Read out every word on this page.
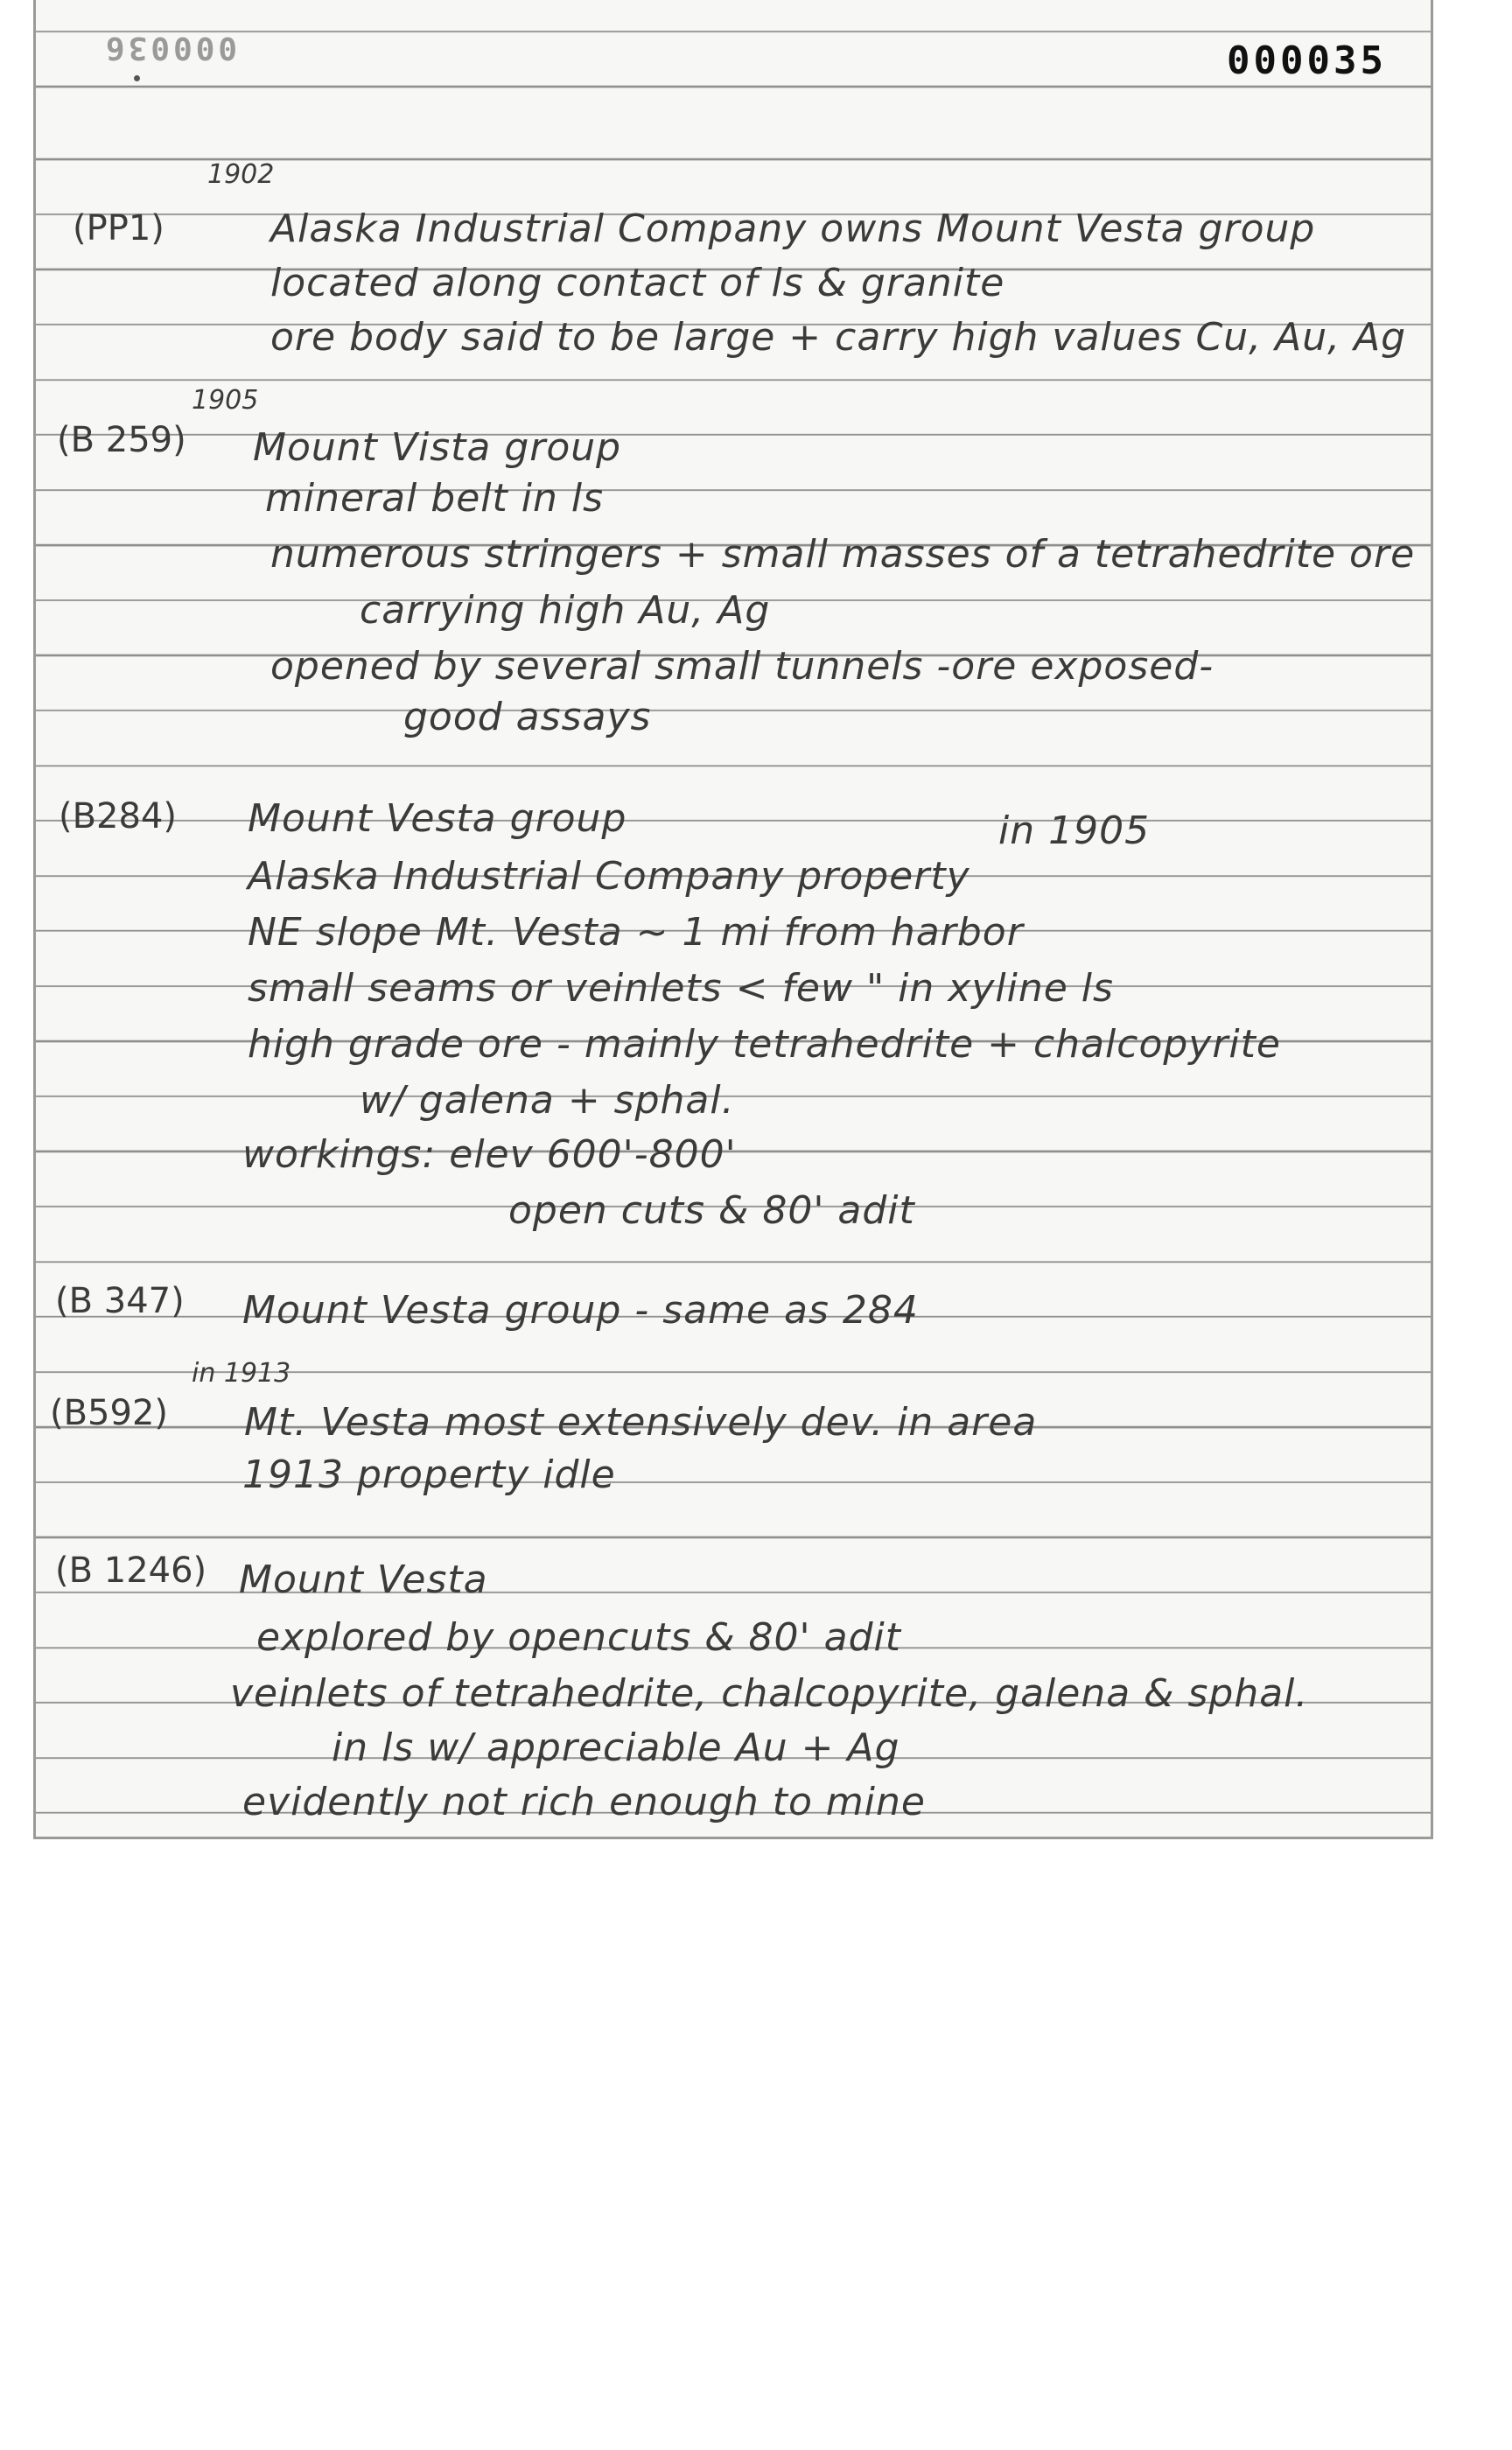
000035
000036
1902
(PP1)	Alaska Industrial Company owns Mount Vesta group
located along contact of ls & granite
ore body said to be large + carry high values Cu, Au, Ag
1905
(B 259) Mount Vista group
mineral belt in ls
numerous stringers + small masses of a tetrahedrite ore
carrying high Au, Ag
opened by several small tunnels -ore exposed-
good assays
(B284) Mount Vesta group	in 1905
Alaska Industrial Company property
NE slope Mt. Vesta ~ 1 mi from harbor
small seams or veinlets < few " in xyline ls
high grade ore - mainly tetrahedrite + chalcopyrite
w/ galena + sphal.
workings: elev 600'-800'
open cuts & 80' adit
(B 347) Mount Vesta group - same as 284
in 1913
(B592) Mt. Vesta most extensively dev. in area
1913 property idle
(B 1246) Mount Vesta
explored by opencuts & 80' adit
veinlets of tetrahedrite, chalcopyrite, galena & sphal.
in ls w/ appreciable Au + Ag
evidently not rich enough to mine
